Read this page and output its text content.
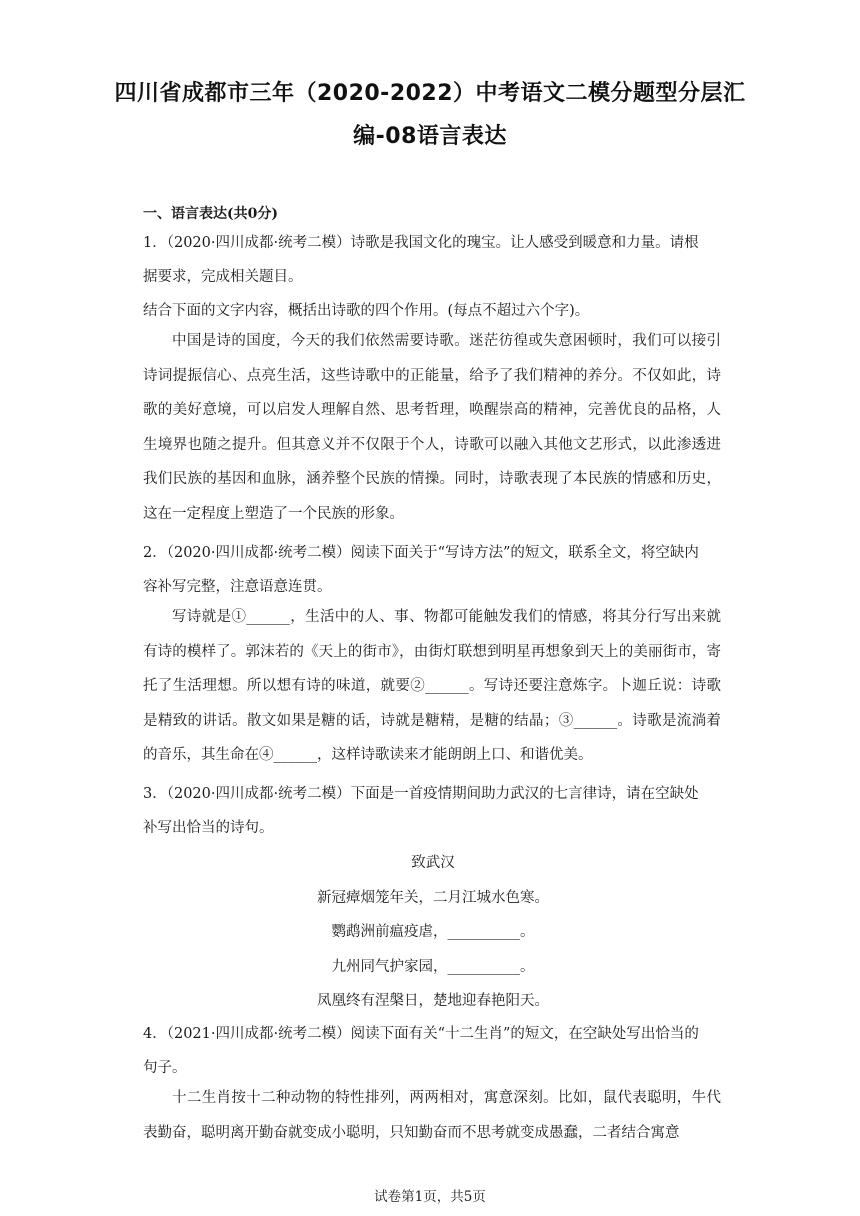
四川省成都市三年（2020-2022）中考语文二模分题型分层汇
编-08语言表达
一、语言表达(共0分)
1．（2020·四川成都·统考二模）诗歌是我国文化的瑰宝。让人感受到暖意和力量。请根
据要求，完成相关题目。
结合下面的文字内容，概括出诗歌的四个作用。(每点不超过六个字)。
中国是诗的国度，今天的我们依然需要诗歌。迷茫彷徨或失意困顿时，我们可以接引诗词提振信心、点亮生活，这些诗歌中的正能量，给予了我们精神的养分。不仅如此，诗歌的美好意境，可以启发人理解自然、思考哲理，唤醒崇高的精神，完善优良的品格，人生境界也随之提升。但其意义并不仅限于个人，诗歌可以融入其他文艺形式，以此渗透进我们民族的基因和血脉，涵养整个民族的情操。同时，诗歌表现了本民族的情感和历史，这在一定程度上塑造了一个民族的形象。
2．（2020·四川成都·统考二模）阅读下面关于“写诗方法”的短文，联系全文，将空缺内
容补写完整，注意语意连贯。
写诗就是①______，生活中的人、事、物都可能触发我们的情感，将其分行写出来就有诗的模样了。郭沫若的《天上的街市》，由街灯联想到明星再想象到天上的美丽街市，寄托了生活理想。所以想有诗的味道，就要②______。写诗还要注意炼字。卜迦丘说：诗歌是精致的讲话。散文如果是糖的话，诗就是糖精，是糖的结晶；③______。诗歌是流淌着的音乐，其生命在④______，这样诗歌读来才能朗朗上口、和谐优美。
3．（2020·四川成都·统考二模）下面是一首疫情期间助力武汉的七言律诗，请在空缺处
补写出恰当的诗句。
致武汉
新冠瘴烟笼年关，二月江城水色寒。
鹦鹉洲前瘟疫虐，__________。
九州同气护家园，__________。
凤凰终有涅槃日，楚地迎春艳阳天。
4．（2021·四川成都·统考二模）阅读下面有关“十二生肖”的短文，在空缺处写出恰当的
句子。
十二生肖按十二种动物的特性排列，两两相对，寓意深刻。比如，鼠代表聪明，牛代表勤奋，聪明离开勤奋就变成小聪明，只知勤奋而不思考就变成愚蠢，二者结合寓意
试卷第1页，共5页
